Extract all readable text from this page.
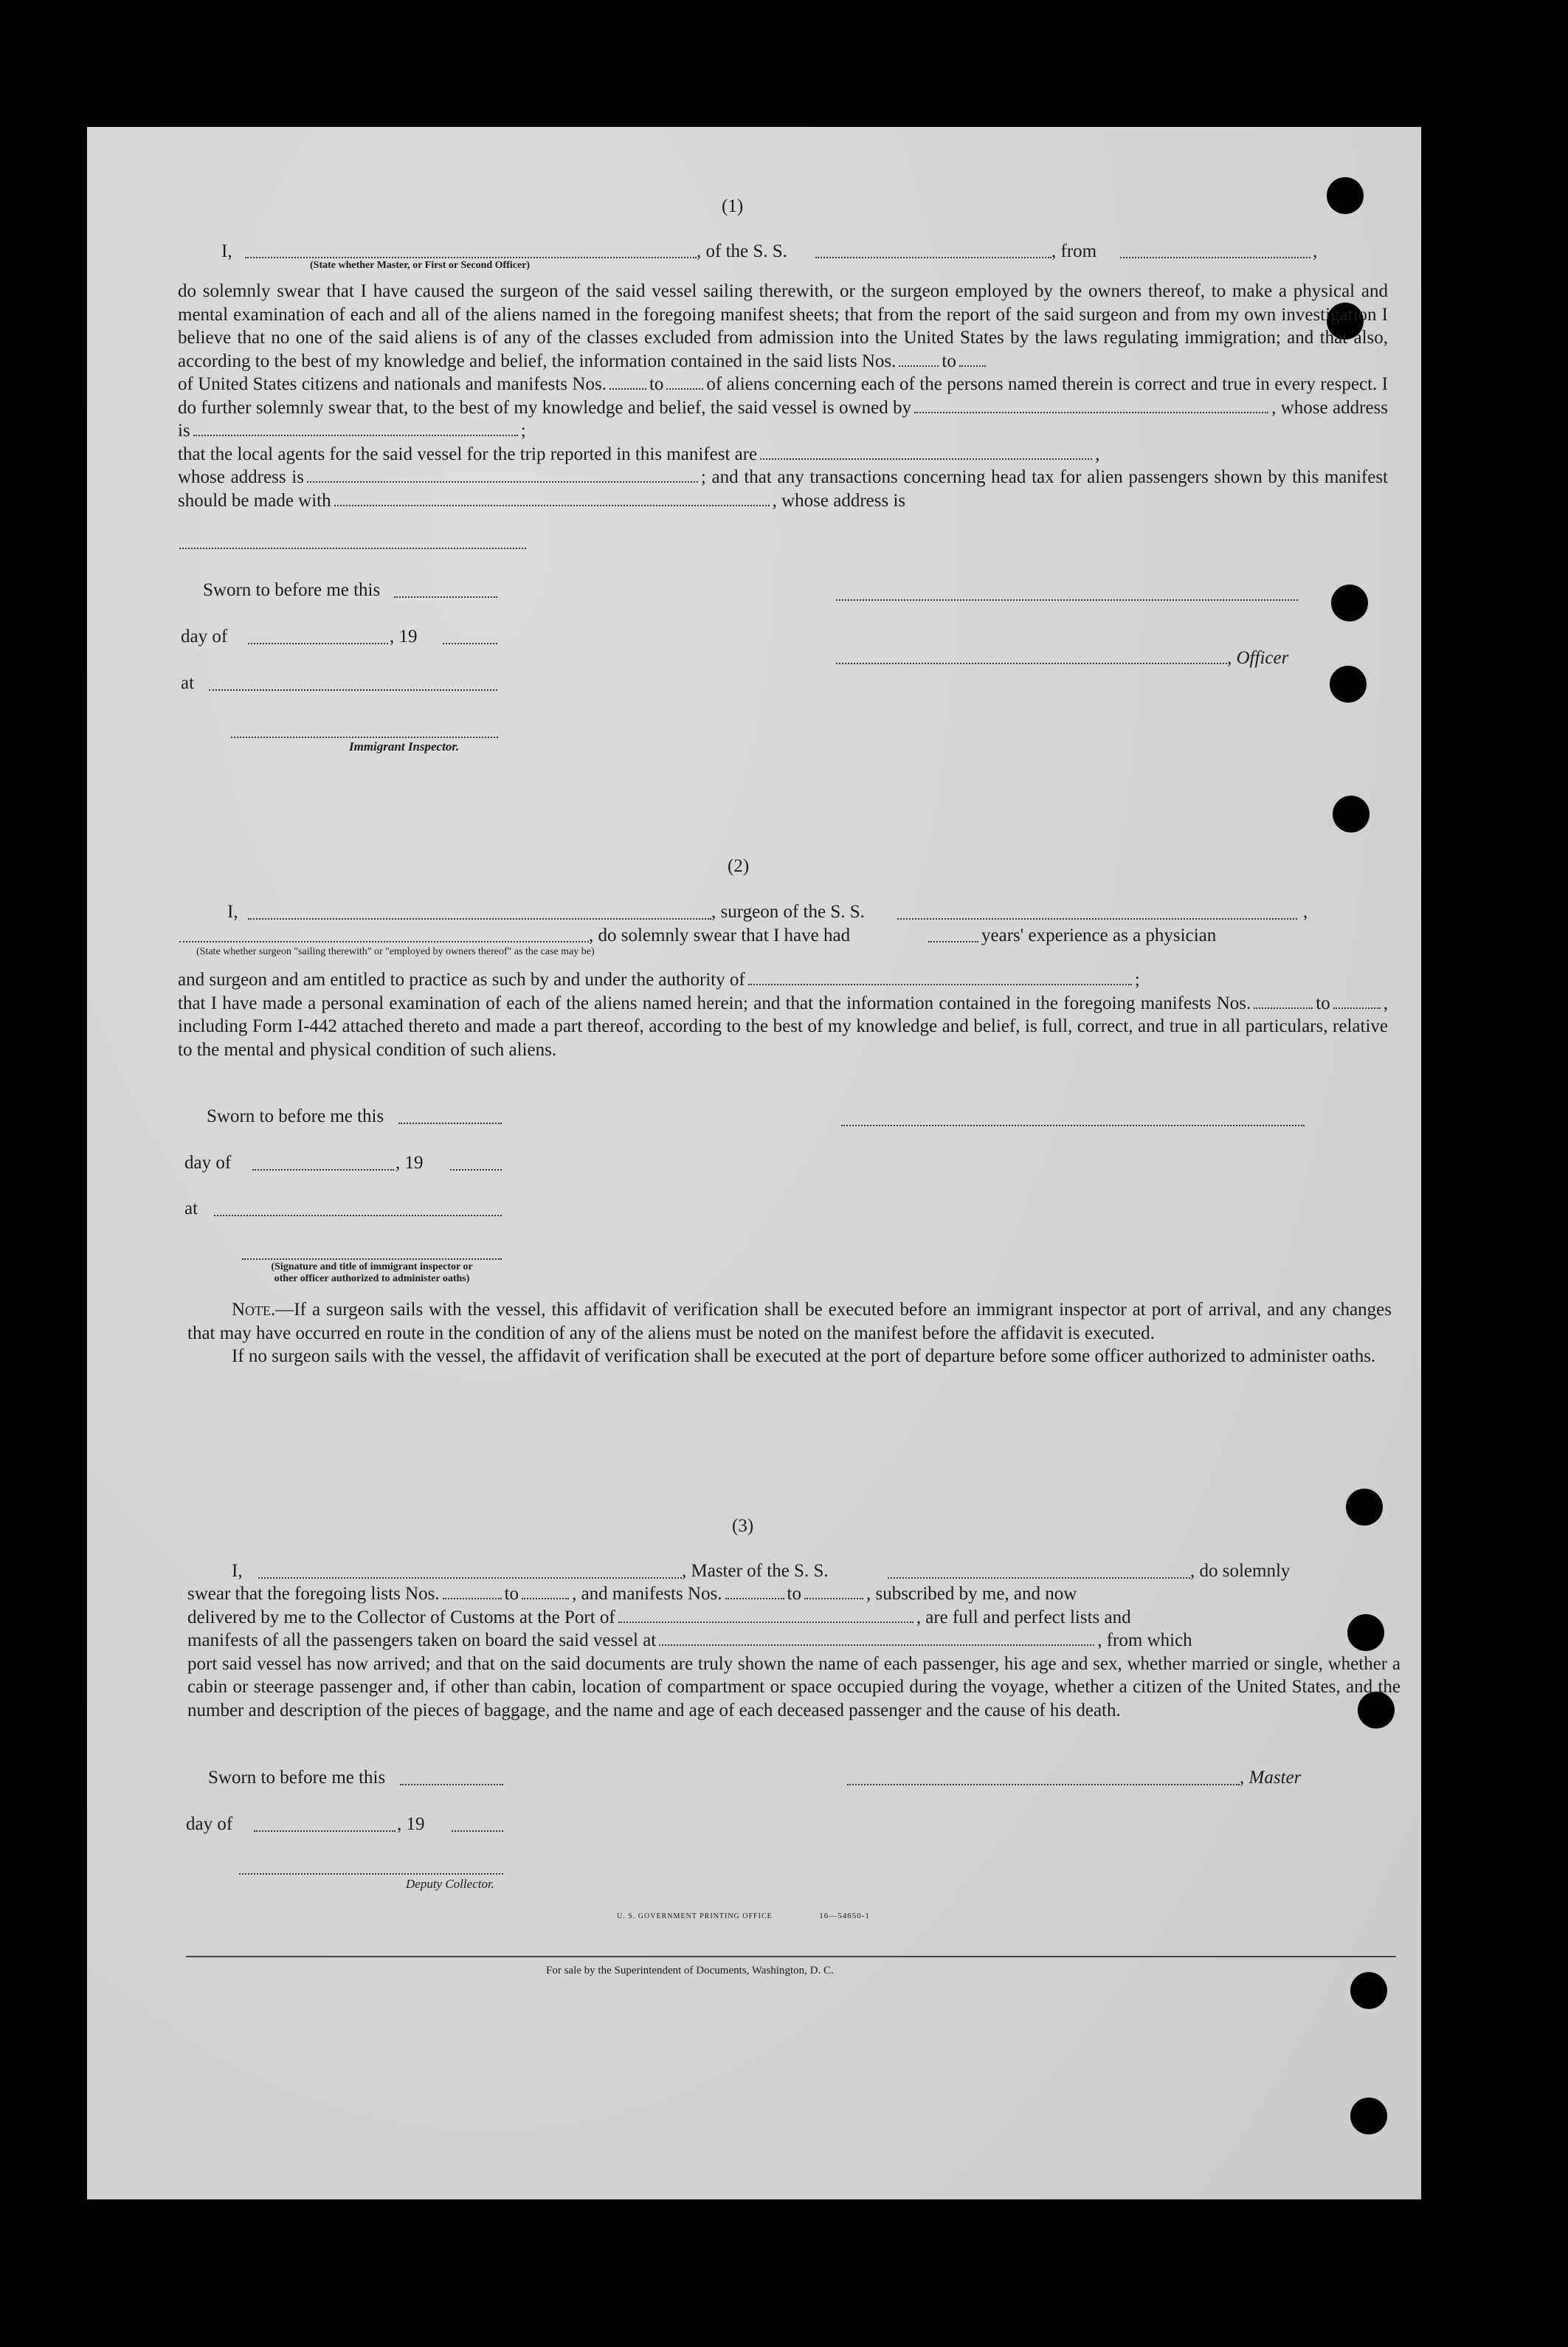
(1)
I,	, of the S. S.	, from	,
(State whether Master, or First or Second Officer)

do solemnly swear that I have caused the surgeon of the said vessel sailing therewith, or the surgeon employed by the owners thereof, to make a physical and mental examination of each and all of the aliens named in the foregoing manifest sheets; that from the report of the said surgeon and from my own investigation I believe that no one of the said aliens is of any of the classes excluded from admission into the United States by the laws regulating immigration; and that also, according to the best of my knowledge and belief, the information contained in the said lists Nos. to
of United States citizens and nationals and manifests Nos. to of aliens concerning each of the persons named therein is correct and true in every respect. I do further solemnly swear that, to the best of my knowledge and belief, the said vessel is owned by	, whose address is	;
that the local agents for the said vessel for the trip reported in this manifest are	,
whose address is	; and that any transactions concerning head tax for alien passengers shown by this manifest should be made with	, whose address is

Sworn to before me this
day of	, 19
at
Immigrant Inspector.
, Officer
(2)
I,	, surgeon of the S. S.	,
, do solemnly swear that I have had	years' experience as a physician
(State whether surgeon "sailing therewith" or "employed by owners thereof" as the case may be)

and surgeon and am entitled to practice as such by and under the authority of	;
that I have made a personal examination of each of the aliens named herein; and that the information contained in the foregoing manifests Nos.	to	, including Form I-442 attached thereto and made a part thereof, according to the best of my knowledge and belief, is full, correct, and true in all particulars, relative to the mental and physical condition of such aliens.

Sworn to before me this
day of	, 19
at
(Signature and title of immigrant inspector or
other officer authorized to administer oaths)

Note.—If a surgeon sails with the vessel, this affidavit of verification shall be executed before an immigrant inspector at port of arrival, and any changes that may have occurred en route in the condition of any of the aliens must be noted on the manifest before the affidavit is executed.

If no surgeon sails with the vessel, the affidavit of verification shall be executed at the port of departure before some officer authorized to administer oaths.

(3)
I,	, Master of the S. S.	, do solemnly

swear that the foregoing lists Nos.	to	, and manifests Nos.	to	, subscribed by me, and now
delivered by me to the Collector of Customs at the Port of	, are full and perfect lists and
manifests of all the passengers taken on board the said vessel at	, from which
port said vessel has now arrived; and that on the said documents are truly shown the name of each passenger, his age and sex, whether married or single, whether a cabin or steerage passenger and, if other than cabin, location of compartment or space occupied during the voyage, whether a citizen of the United States, and the number and description of the pieces of baggage, and the name and age of each deceased passenger and the cause of his death.

Sworn to before me this	, Master
day of	, 19
Deputy Collector.
U. S. GOVERNMENT PRINTING OFFICE	16—54650-1
For sale by the Superintendent of Documents, Washington, D. C.
